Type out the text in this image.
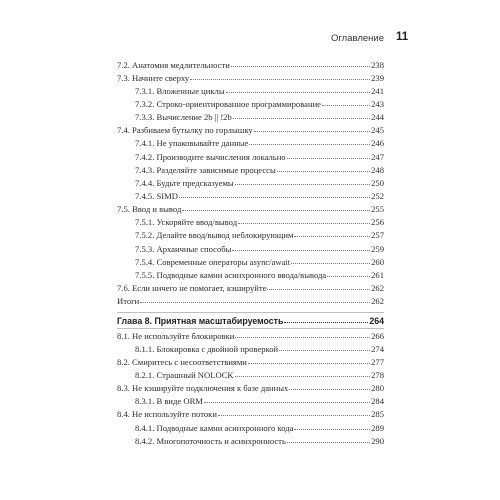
Оглавление 11
7.2. Анатомия медлительности	238
7.3. Начните сверху	239
7.3.1. Вложенные циклы	241
7.3.2. Строко-ориентированное программирование	243
7.3.3. Вычисление 2b || !2b	244
7.4. Разбиваем бутылку по горлышку	245
7.4.1. Не упаковывайте данные	246
7.4.2. Производите вычисления локально	247
7.4.3. Разделяйте зависимые процессы	248
7.4.4. Будьте предсказуемы	250
7.4.5. SIMD	252
7.5. Ввод и вывод	255
7.5.1. Ускоряйте ввод/вывод	256
7.5.2. Делайте ввод/вывод неблокирующим	257
7.5.3. Архаичные способы	259
7.5.4. Современные операторы async/await	260
7.5.5. Подводные камни асинхронного ввода/вывода	261
7.6. Если ничего не помогает, кэшируйте	262
Итоги	262
Глава 8. Приятная масштабируемость	264
8.1. Не используйте блокировки	266
8.1.1. Блокировка с двойной проверкой	274
8.2. Смиритесь с несоответствиями	277
8.2.1. Страшный NOLOCK	278
8.3. Не кэшируйте подключения к базе данных	280
8.3.1. В виде ORM	284
8.4. Не используйте потоки	285
8.4.1. Подводные камни асинхронного кода	289
8.4.2. Многопоточность и асинхронность	290
